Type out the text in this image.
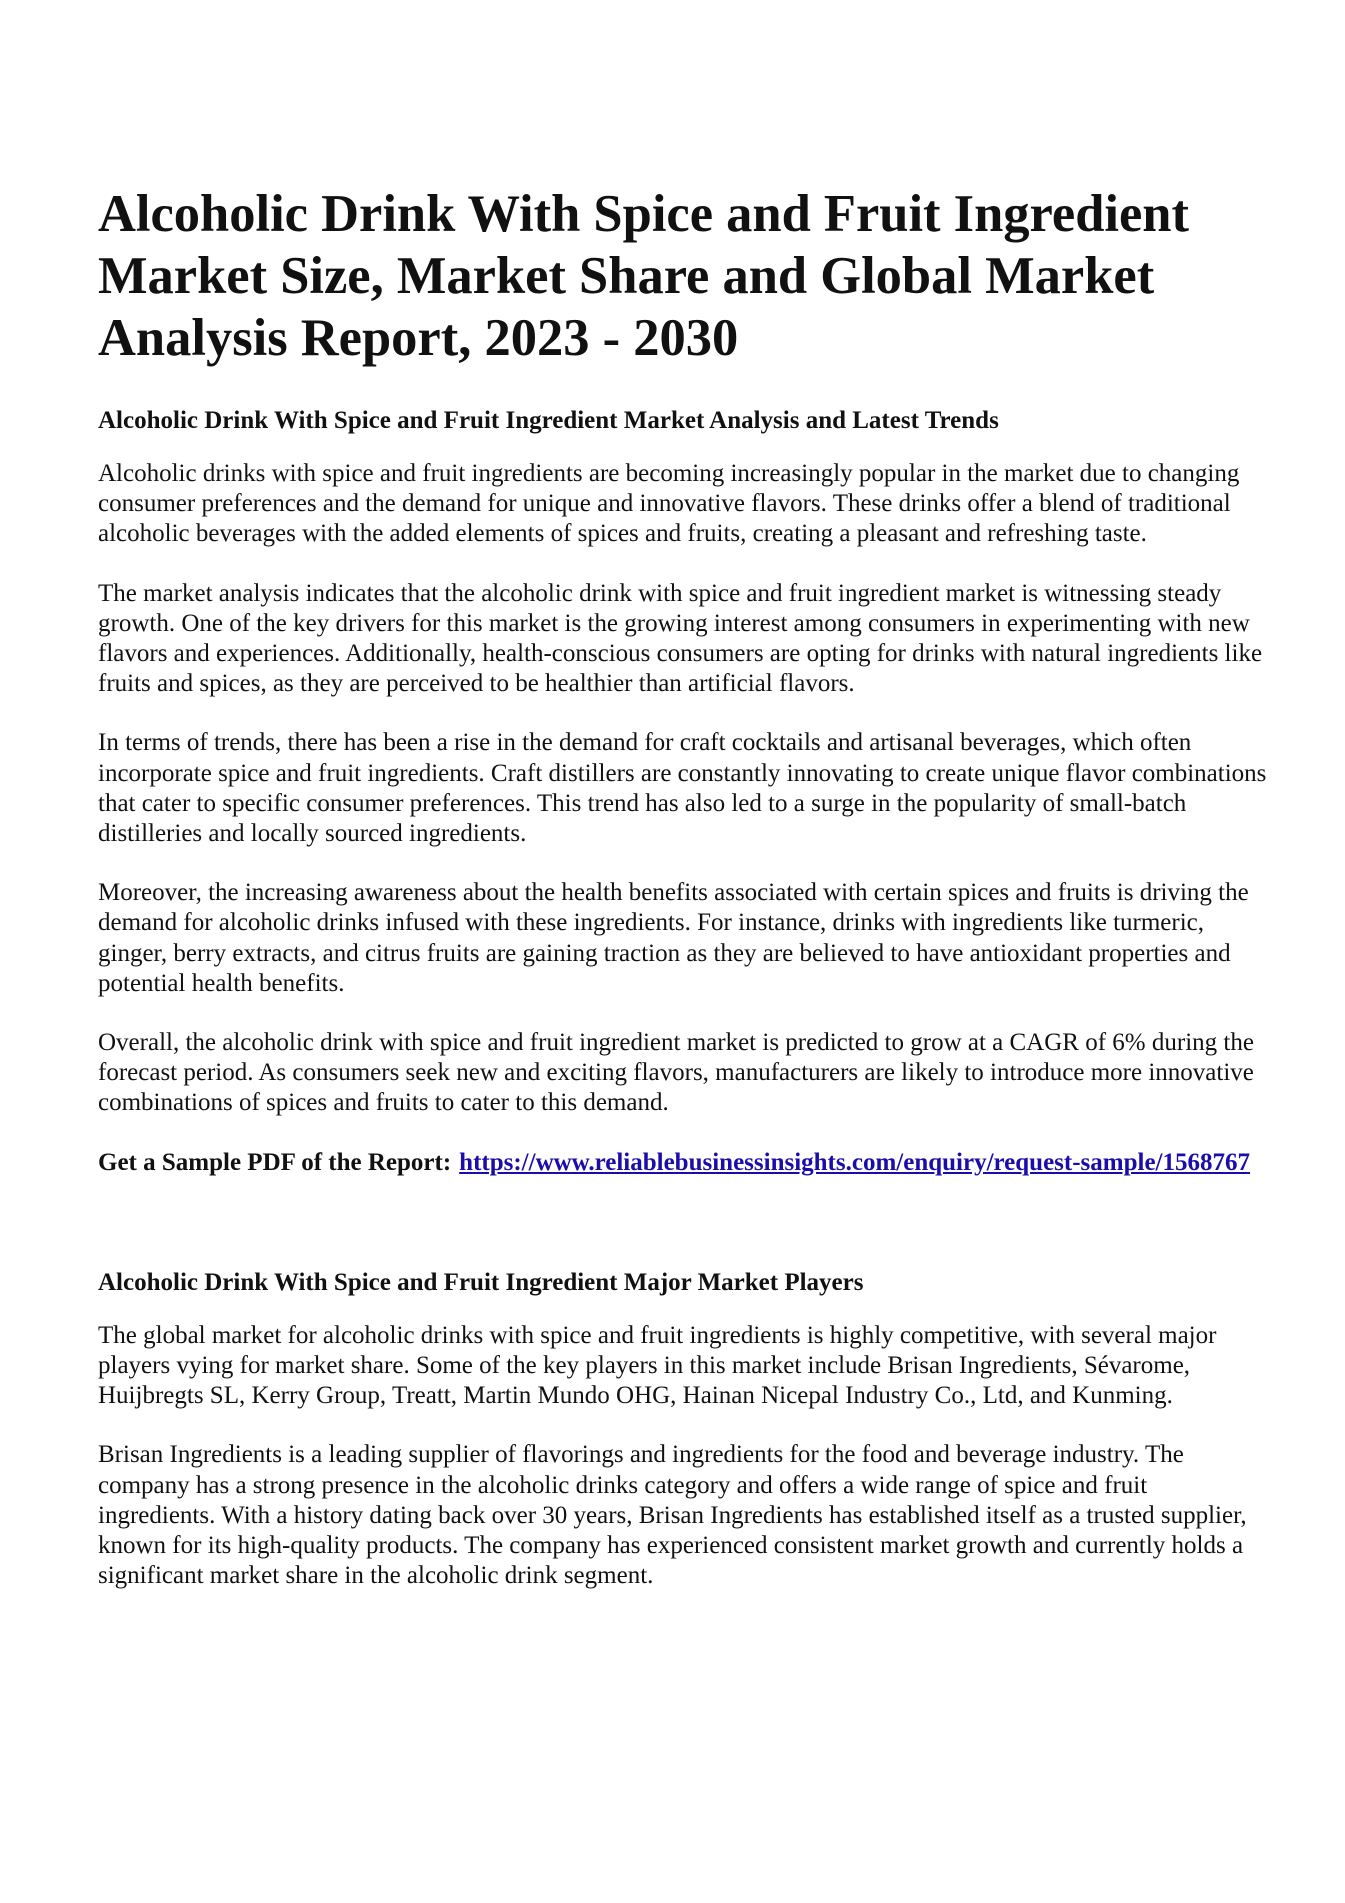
Alcoholic Drink With Spice and Fruit Ingredient Market Size, Market Share and Global Market Analysis Report, 2023 - 2030
Alcoholic Drink With Spice and Fruit Ingredient Market Analysis and Latest Trends

Alcoholic drinks with spice and fruit ingredients are becoming increasingly popular in the market due to changing consumer preferences and the demand for unique and innovative flavors. These drinks offer a blend of traditional alcoholic beverages with the added elements of spices and fruits, creating a pleasant and refreshing taste.

The market analysis indicates that the alcoholic drink with spice and fruit ingredient market is witnessing steady growth. One of the key drivers for this market is the growing interest among consumers in experimenting with new flavors and experiences. Additionally, health-conscious consumers are opting for drinks with natural ingredients like fruits and spices, as they are perceived to be healthier than artificial flavors.

In terms of trends, there has been a rise in the demand for craft cocktails and artisanal beverages, which often incorporate spice and fruit ingredients. Craft distillers are constantly innovating to create unique flavor combinations that cater to specific consumer preferences. This trend has also led to a surge in the popularity of small-batch distilleries and locally sourced ingredients.

Moreover, the increasing awareness about the health benefits associated with certain spices and fruits is driving the demand for alcoholic drinks infused with these ingredients. For instance, drinks with ingredients like turmeric, ginger, berry extracts, and citrus fruits are gaining traction as they are believed to have antioxidant properties and potential health benefits.

Overall, the alcoholic drink with spice and fruit ingredient market is predicted to grow at a CAGR of 6% during the forecast period. As consumers seek new and exciting flavors, manufacturers are likely to introduce more innovative combinations of spices and fruits to cater to this demand.

Get a Sample PDF of the Report: https://www.reliablebusinessinsights.com/enquiry/request-sample/1568767

Alcoholic Drink With Spice and Fruit Ingredient Major Market Players

The global market for alcoholic drinks with spice and fruit ingredients is highly competitive, with several major players vying for market share. Some of the key players in this market include Brisan Ingredients, Sévarome, Huijbregts SL, Kerry Group, Treatt, Martin Mundo OHG, Hainan Nicepal Industry Co., Ltd, and Kunming.

Brisan Ingredients is a leading supplier of flavorings and ingredients for the food and beverage industry. The company has a strong presence in the alcoholic drinks category and offers a wide range of spice and fruit ingredients. With a history dating back over 30 years, Brisan Ingredients has established itself as a trusted supplier, known for its high-quality products. The company has experienced consistent market growth and currently holds a significant market share in the alcoholic drink segment.
